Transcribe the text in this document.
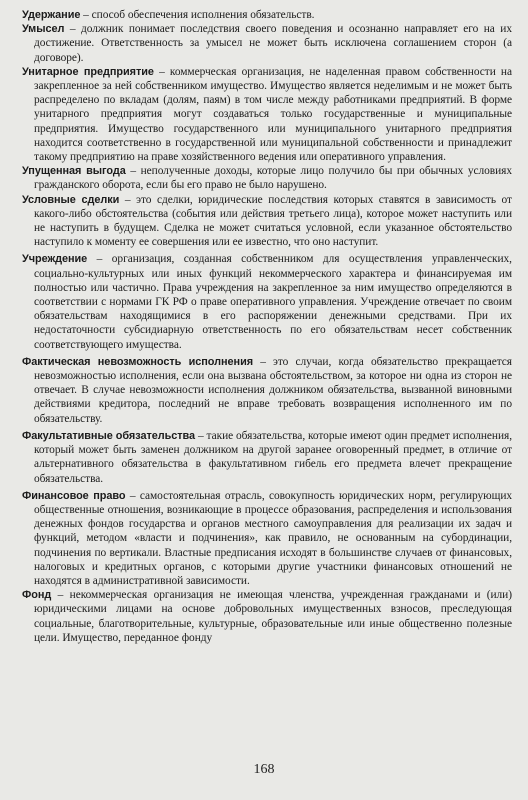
Удержание – способ обеспечения исполнения обязательств.

Умысел – должник понимает последствия своего поведения и осознанно направляет его на их достижение. Ответственность за умысел не может быть исключена соглашением сторон (а договоре).

Унитарное предприятие – коммерческая организация, не наделенная правом собственности на закрепленное за ней собственником имущество. Имущество является неделимым и не может быть распределено по вкладам (долям, паям) в том числе между работниками предприятий. В форме унитарного предприятия могут создаваться только государственные и муниципальные предприятия. Имущество государственного или муниципального унитарного предприятия находится соответственно в государственной или муниципальной собственности и принадлежит такому предприятию на праве хозяйственного ведения или оперативного управления.

Упущенная выгода – неполученные доходы, которые лицо получило бы при обычных условиях гражданского оборота, если бы его право не было нарушено.

Условные сделки – это сделки, юридические последствия которых ставятся в зависимость от какого-либо обстоятельства (события или действия третьего лица), которое может наступить или не наступить в будущем. Сделка не может считаться условной, если указанное обстоятельство наступило к моменту ее совершения или ее известно, что оно наступит.

Учреждение – организация, созданная собственником для осуществления управленческих, социально-культурных или иных функций некоммерческого характера и финансируемая им полностью или частично. Права учреждения на закрепленное за ним имущество определяются в соответствии с нормами ГК РФ о праве оперативного управления. Учреждение отвечает по своим обязательствам находящимися в его распоряжении денежными средствами. При их недостаточности субсидиарную ответственность по его обязательствам несет собственник соответствующего имущества.

Фактическая невозможность исполнения – это случаи, когда обязательство прекращается невозможностью исполнения, если она вызвана обстоятельством, за которое ни одна из сторон не отвечает. В случае невозможности исполнения должником обязательства, вызванной виновными действиями кредитора, последний не вправе требовать возвращения исполненного им по обязательству.

Факультативные обязательства – такие обязательства, которые имеют один предмет исполнения, который может быть заменен должником на другой заранее оговоренный предмет, в отличие от альтернативного обязательства в факультативном гибель его предмета влечет прекращение обязательства.

Финансовое право – самостоятельная отрасль, совокупность юридических норм, регулирующих общественные отношения, возникающие в процессе образования, распределения и использования денежных фондов государства и органов местного самоуправления для реализации их задач и функций, методом «власти и подчинения», как правило, не основанным на субординации, подчинения по вертикали. Властные предписания исходят в большинстве случаев от финансовых, налоговых и кредитных органов, с которыми другие участники финансовых отношений не находятся в административной зависимости.

Фонд – некоммерческая организация не имеющая членства, учрежденная гражданами и (или) юридическими лицами на основе добровольных имущественных взносов, преследующая социальные, благотворительные, культурные, образовательные или иные общественно полезные цели. Имущество, переданное фонду

168
